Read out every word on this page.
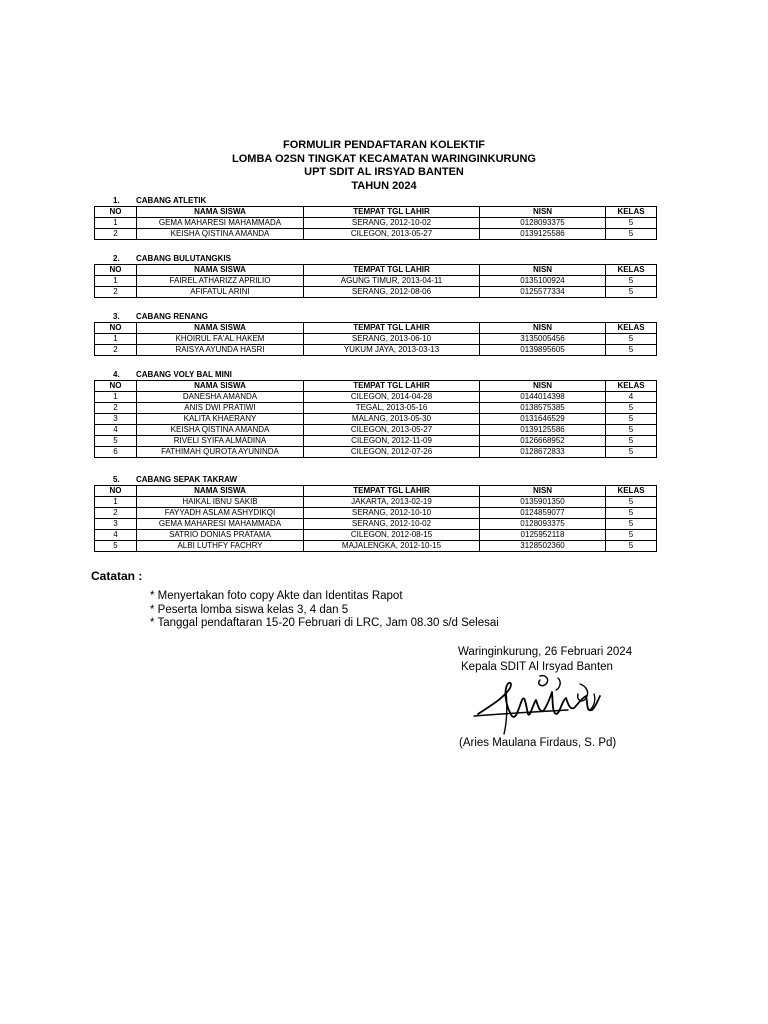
FORMULIR PENDAFTARAN KOLEKTIF
LOMBA O2SN TINGKAT KECAMATAN WARINGINKURUNG
UPT SDIT AL IRSYAD BANTEN
TAHUN 2024
1. CABANG ATLETIK
NO	NAMA SISWA	TEMPAT TGL LAHIR	NISN	KELAS
1	GEMA MAHARESI MAHAMMADA	SERANG, 2012-10-02	0128093375	5
2	KEISHA QISTINA AMANDA	CILEGON, 2013-05-27	0139125586	5
2. CABANG BULUTANGKIS
NO	NAMA SISWA	TEMPAT TGL LAHIR	NISN	KELAS
1	FAIREL ATHARIZZ APRILIO	AGUNG TIMUR, 2013-04-11	0135100924	5
2	AFIFATUL ARINI	SERANG, 2012-08-06	0125577334	5
3. CABANG RENANG
NO	NAMA SISWA	TEMPAT TGL LAHIR	NISN	KELAS
1	KHOIRUL FA'AL HAKEM	SERANG, 2013-06-10	3135005456	5
2	RAISYA AYUNDA HASRI	YUKUM JAYA, 2013-03-13	0139895605	5
4. CABANG VOLY BAL MINI
NO	NAMA SISWA	TEMPAT TGL LAHIR	NISN	KELAS
1	DANESHA AMANDA	CILEGON, 2014-04-28	0144014398	4
2	ANIS DWI PRATIWI	TEGAL, 2013-05-16	0138575385	5
3	KALITA KHAERANY	MALANG, 2013-05-30	0131646529	5
4	KEISHA QISTINA AMANDA	CILEGON, 2013-05-27	0139125586	5
5	RIVELI SYIFA ALMADINA	CILEGON, 2012-11-09	0126668952	5
6	FATHIMAH QUROTA AYUNINDA	CILEGON, 2012-07-26	0128672833	5
5. CABANG SEPAK TAKRAW
NO	NAMA SISWA	TEMPAT TGL LAHIR	NISN	KELAS
1	HAIKAL IBNU SAKIB	JAKARTA, 2013-02-19	0135901350	5
2	FAYYADH ASLAM ASHYDIKQI	SERANG, 2012-10-10	0124859077	5
3	GEMA MAHARESI MAHAMMADA	SERANG, 2012-10-02	0128093375	5
4	SATRIO DONIAS PRATAMA	CILEGON, 2012-08-15	0125952118	5
5	ALBI LUTHFY FACHRY	MAJALENGKA, 2012-10-15	3128502360	5
Catatan :
* Menyertakan foto copy Akte dan Identitas Rapot
* Peserta lomba siswa kelas 3, 4 dan 5
* Tanggal pendaftaran 15-20 Februari di LRC, Jam 08.30 s/d Selesai
Waringinkurung, 26 Februari 2024
Kepala SDIT Al Irsyad Banten
(Aries Maulana Firdaus, S. Pd)
